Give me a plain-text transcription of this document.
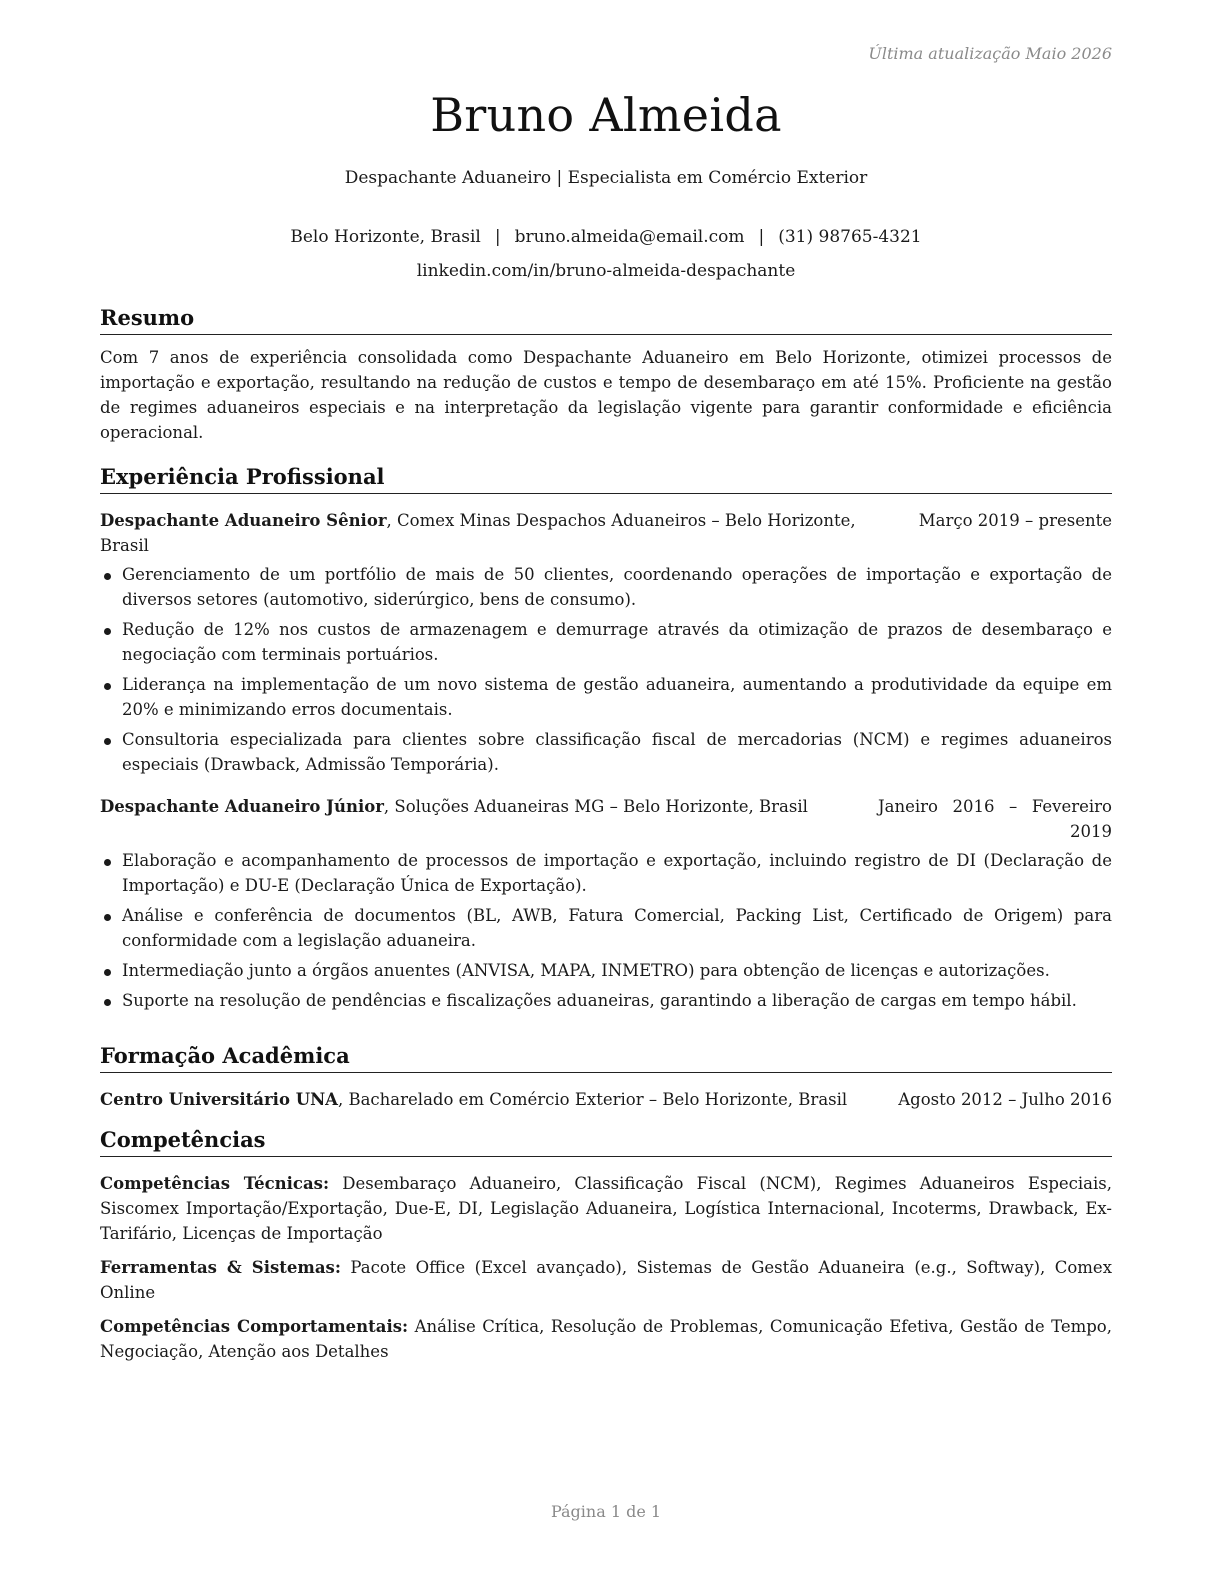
Última atualização Maio 2026
Bruno Almeida
Despachante Aduaneiro | Especialista em Comércio Exterior
Belo Horizonte, Brasil | bruno.almeida@email.com | (31) 98765-4321
linkedin.com/in/bruno-almeida-despachante
Resumo
Com 7 anos de experiência consolidada como Despachante Aduaneiro em Belo Horizonte, otimizei processos de importação e exportação, resultando na redução de custos e tempo de desembaraço em até 15%. Proficiente na gestão de regimes aduaneiros especiais e na interpretação da legislação vigente para garantir conformidade e eficiência operacional.
Experiência Profissional
Despachante Aduaneiro Sênior, Comex Minas Despachos Aduaneiros – Belo Horizonte, Brasil
Março 2019 – presente
Gerenciamento de um portfólio de mais de 50 clientes, coordenando operações de importação e exportação de diversos setores (automotivo, siderúrgico, bens de consumo).
Redução de 12% nos custos de armazenagem e demurrage através da otimização de prazos de desembaraço e negociação com terminais portuários.
Liderança na implementação de um novo sistema de gestão aduaneira, aumentando a produtividade da equipe em 20% e minimizando erros documentais.
Consultoria especializada para clientes sobre classificação fiscal de mercadorias (NCM) e regimes aduaneiros especiais (Drawback, Admissão Temporária).
Despachante Aduaneiro Júnior, Soluções Aduaneiras MG – Belo Horizonte, Brasil	Janeiro 2016 – Fevereiro 2019
Elaboração e acompanhamento de processos de importação e exportação, incluindo registro de DI (Declaração de Importação) e DU-E (Declaração Única de Exportação).
Análise e conferência de documentos (BL, AWB, Fatura Comercial, Packing List, Certificado de Origem) para conformidade com a legislação aduaneira.
Intermediação junto a órgãos anuentes (ANVISA, MAPA, INMETRO) para obtenção de licenças e autorizações.
Suporte na resolução de pendências e fiscalizações aduaneiras, garantindo a liberação de cargas em tempo hábil.
Formação Acadêmica
Centro Universitário UNA, Bacharelado em Comércio Exterior – Belo Horizonte, Brasil	Agosto 2012 – Julho 2016
Competências
Competências Técnicas: Desembaraço Aduaneiro, Classificação Fiscal (NCM), Regimes Aduaneiros Especiais, Siscomex Importação/Exportação, Due-E, DI, Legislação Aduaneira, Logística Internacional, Incoterms, Drawback, Ex-Tarifário, Licenças de Importação
Ferramentas & Sistemas: Pacote Office (Excel avançado), Sistemas de Gestão Aduaneira (e.g., Softway), Comex Online
Competências Comportamentais: Análise Crítica, Resolução de Problemas, Comunicação Efetiva, Gestão de Tempo, Negociação, Atenção aos Detalhes
Página 1 de 1
